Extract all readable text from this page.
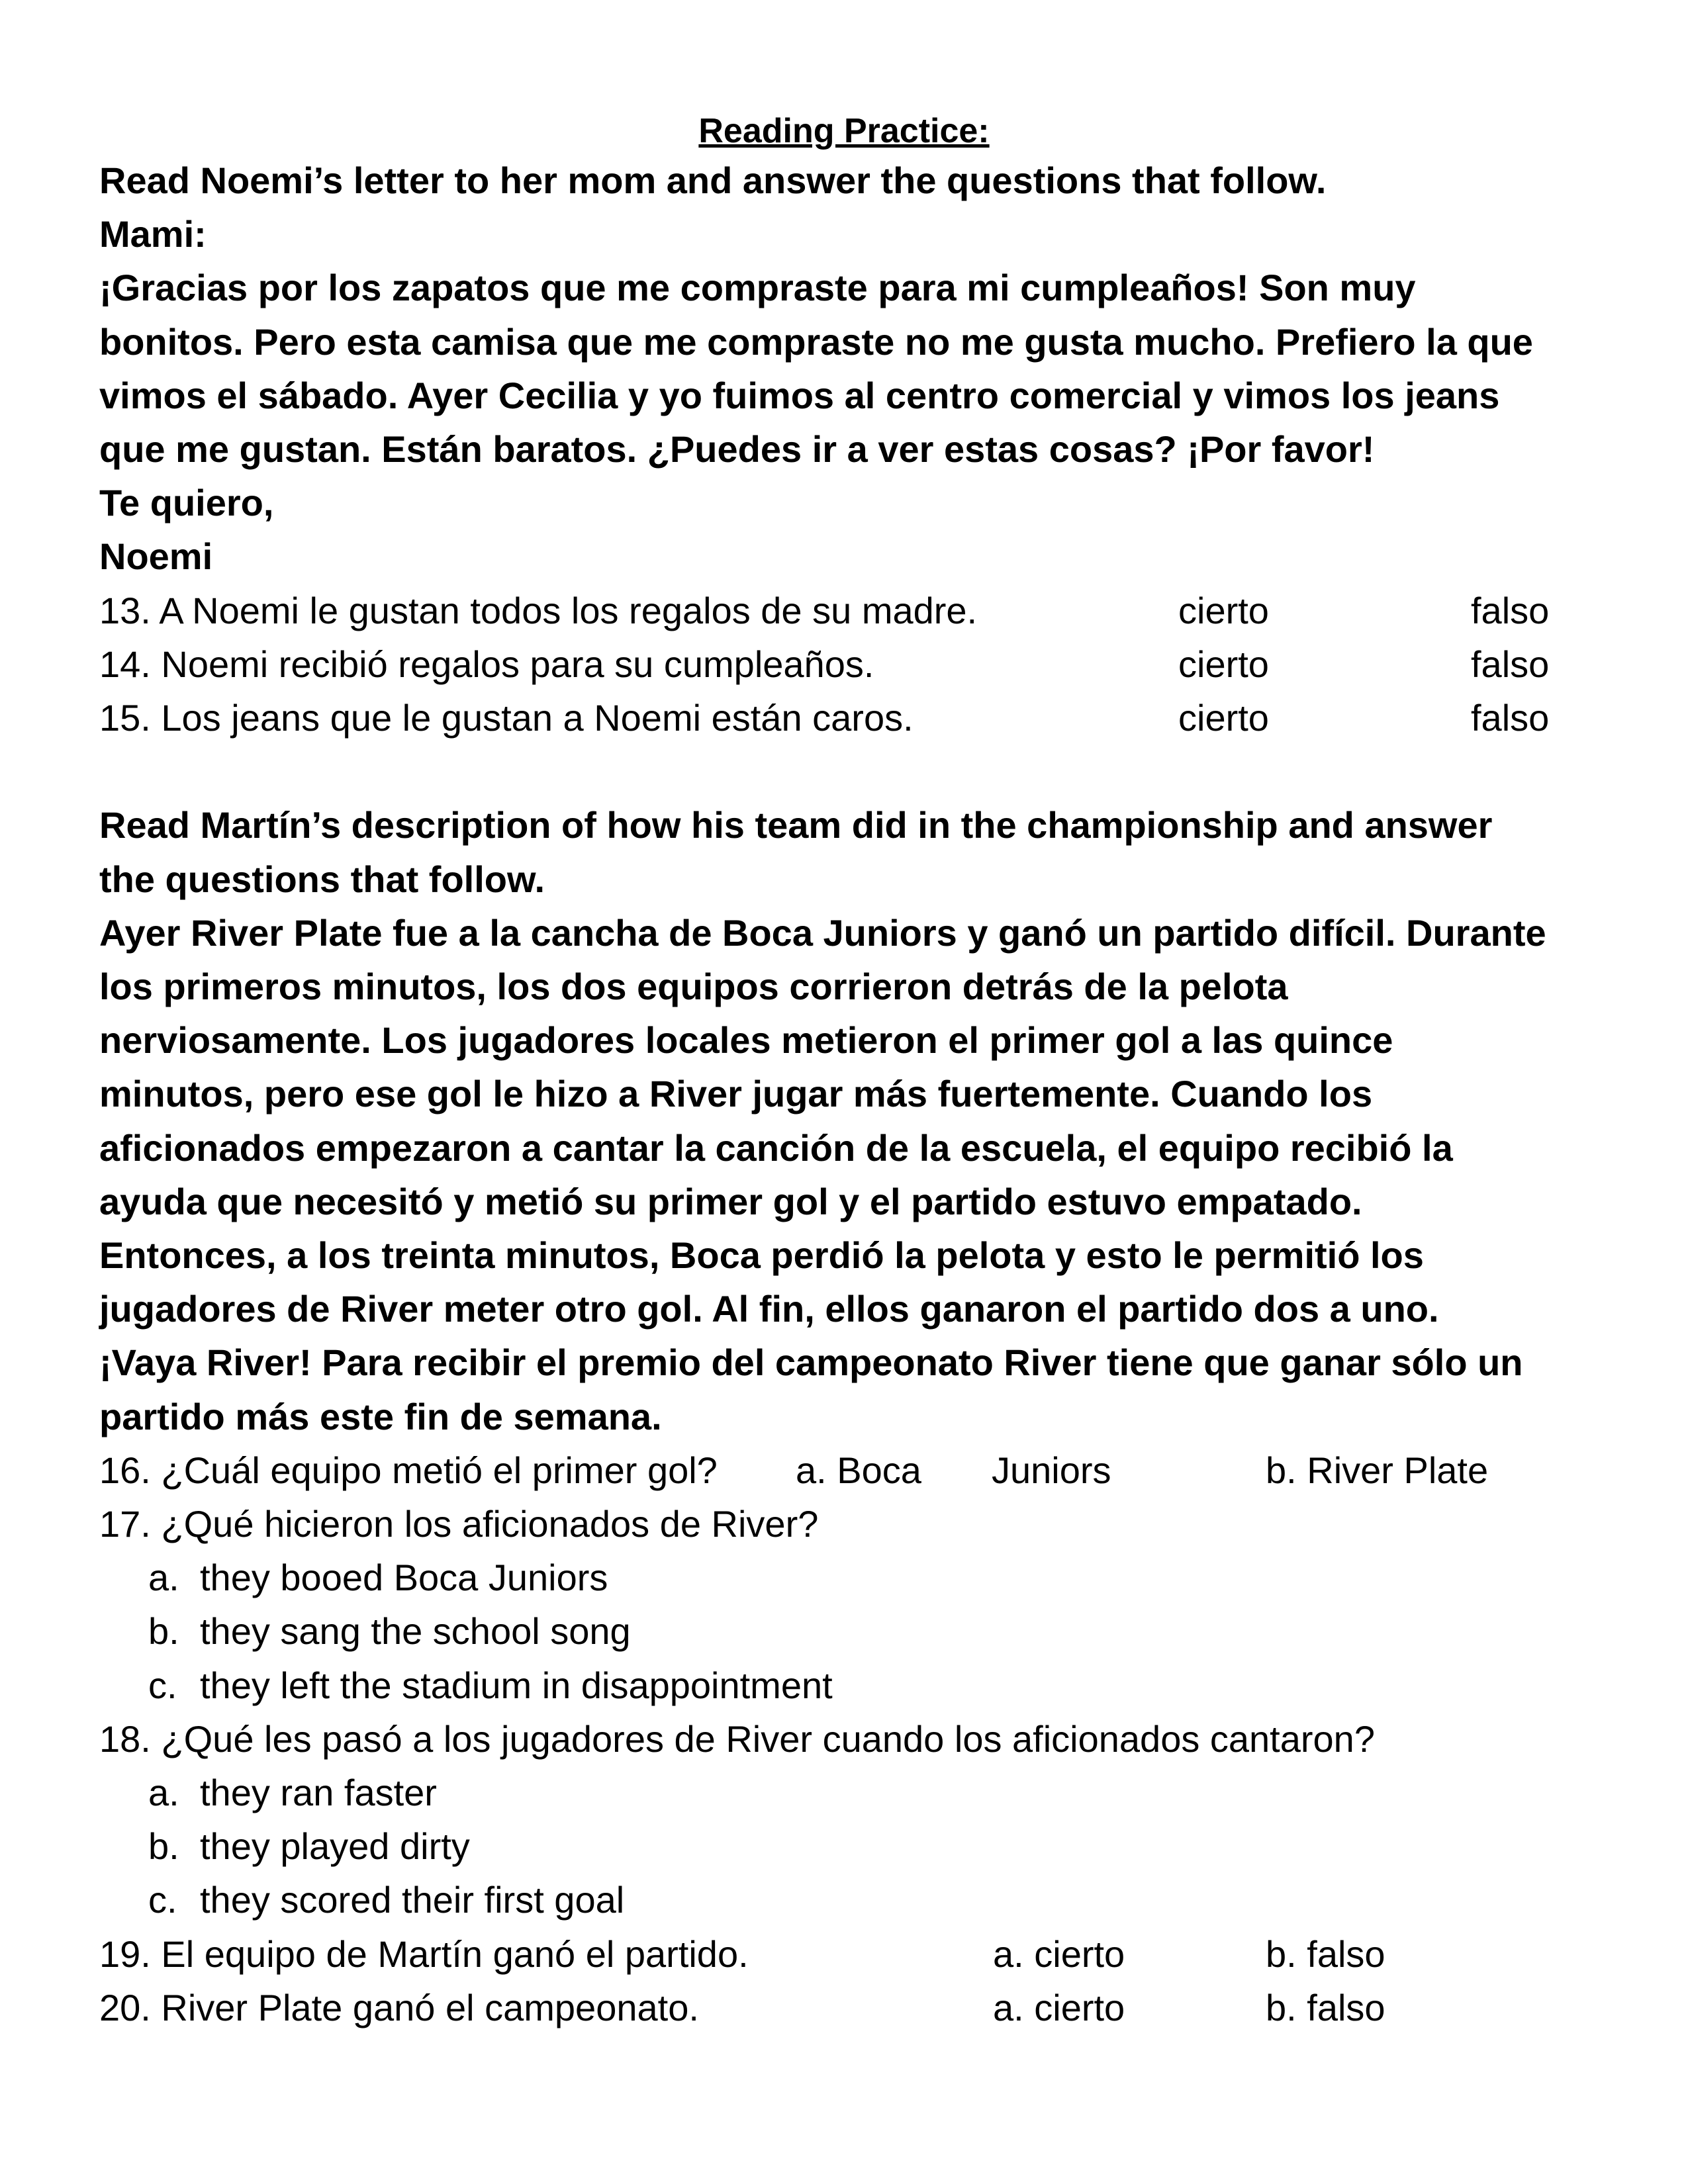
Reading Practice:
Read Noemi’s letter to her mom and answer the questions that follow.
Mami:
¡Gracias por los zapatos que me compraste para mi cumpleaños! Son muy
bonitos. Pero esta camisa que me compraste no me gusta mucho. Prefiero la que
vimos el sábado. Ayer Cecilia y yo fuimos al centro comercial y vimos los jeans
que me gustan. Están baratos. ¿Puedes ir a ver estas cosas? ¡Por favor!
Te quiero,
Noemi
13. A Noemi le gustan todos los regalos de su madre.	cierto	falso
14. Noemi recibió regalos para su cumpleaños.	cierto	falso
15. Los jeans que le gustan a Noemi están caros.	cierto	falso
Read Martín’s description of how his team did in the championship and answer
the questions that follow.
Ayer River Plate fue a la cancha de Boca Juniors y ganó un partido difícil. Durante
los primeros minutos, los dos equipos corrieron detrás de la pelota
nerviosamente. Los jugadores locales metieron el primer gol a las quince
minutos, pero ese gol le hizo a River jugar más fuertemente. Cuando los
aficionados empezaron a cantar la canción de la escuela, el equipo recibió la
ayuda que necesitó y metió su primer gol y el partido estuvo empatado.
Entonces, a los treinta minutos, Boca perdió la pelota y esto le permitió los
jugadores de River meter otro gol. Al fin, ellos ganaron el partido dos a uno.
¡Vaya River! Para recibir el premio del campeonato River tiene que ganar sólo un
partido más este fin de semana.
16. ¿Cuál equipo metió el primer gol? a. Boca Juniors	b. River Plate
17. ¿Qué hicieron los aficionados de River?
a. they booed Boca Juniors
b. they sang the school song
c. they left the stadium in disappointment
18. ¿Qué les pasó a los jugadores de River cuando los aficionados cantaron?
a. they ran faster
b. they played dirty
c. they scored their first goal
19. El equipo de Martín ganó el partido.	a. cierto	b. falso
20. River Plate ganó el campeonato.	a. cierto	b. falso
